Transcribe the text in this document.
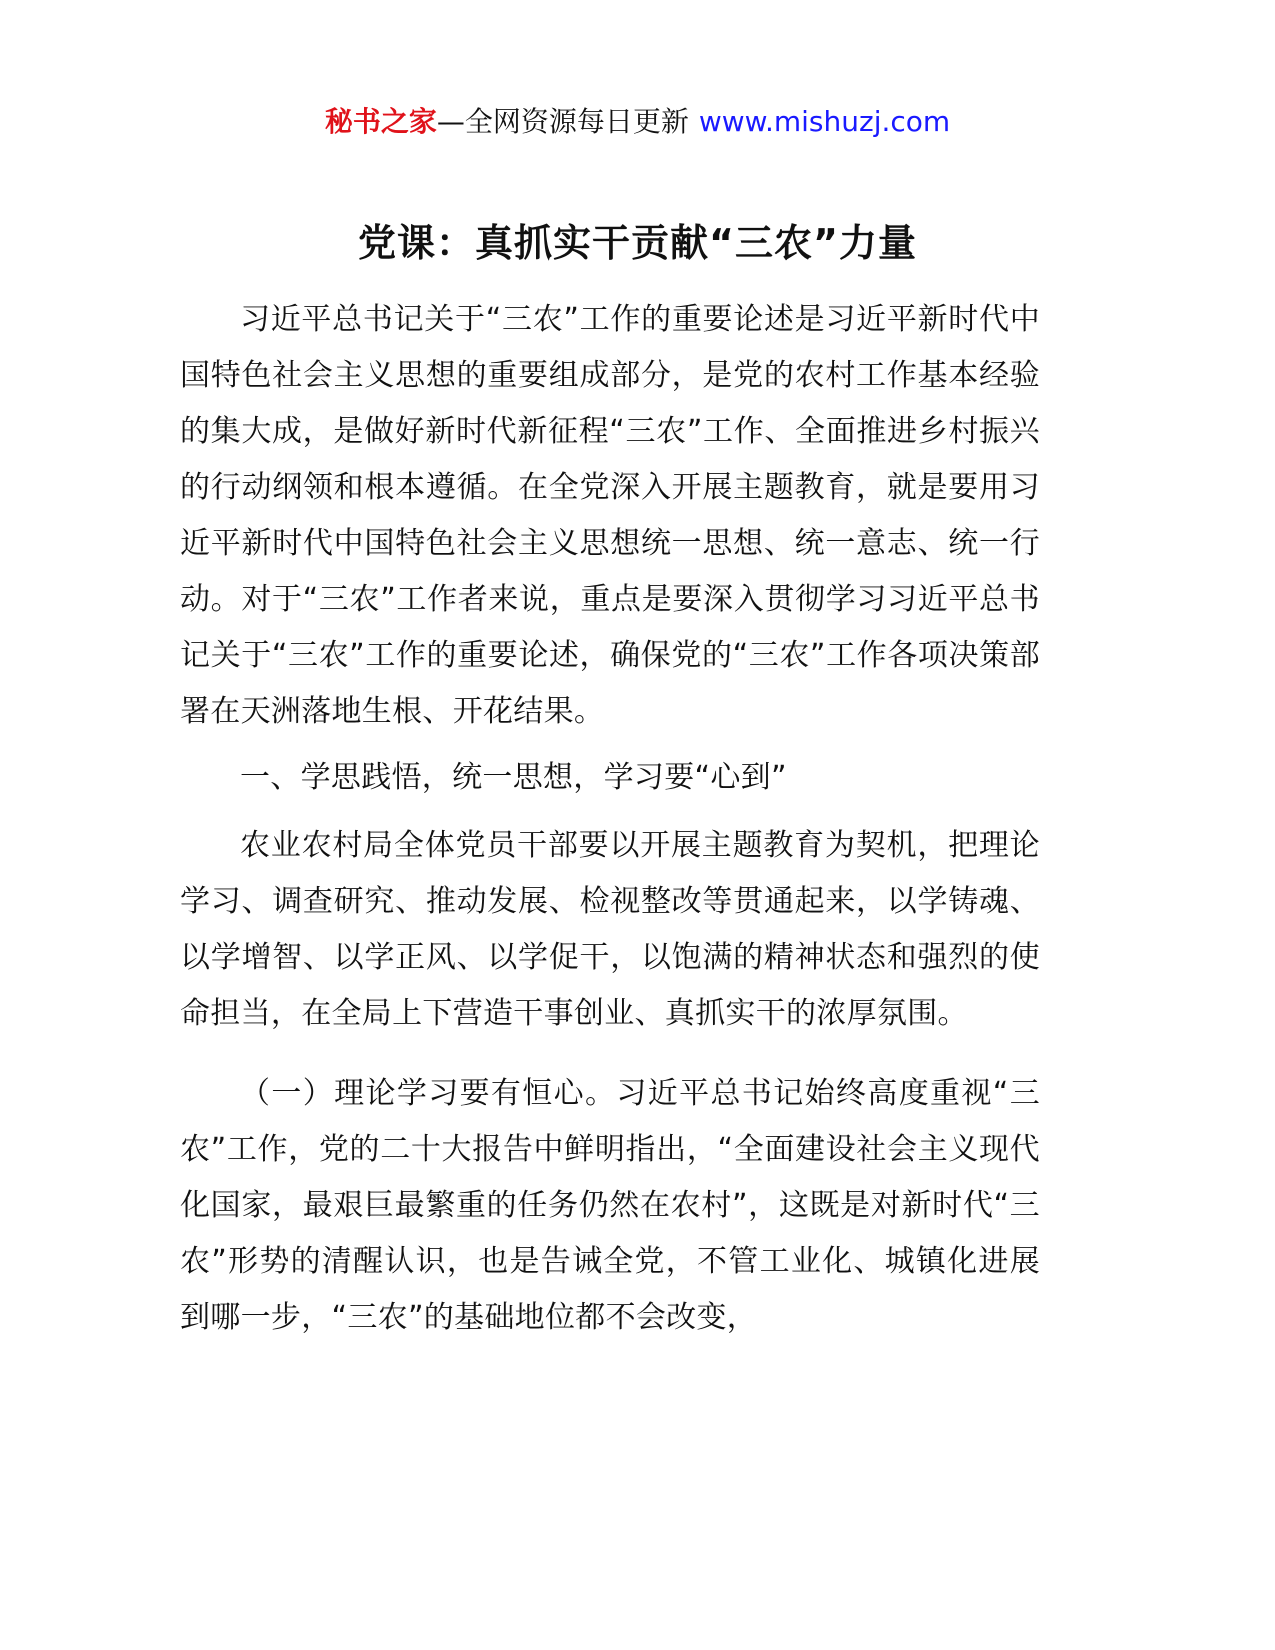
秘书之家—全网资源每日更新 www.mishuzj.com
党课：真抓实干贡献“三农”力量

习近平总书记关于“三农”工作的重要论述是习近平新时代中国特色社会主义思想的重要组成部分，是党的农村工作基本经验的集大成，是做好新时代新征程“三农”工作、全面推进乡村振兴的行动纲领和根本遵循。在全党深入开展主题教育，就是要用习近平新时代中国特色社会主义思想统一思想、统一意志、统一行动。对于“三农”工作者来说，重点是要深入贯彻学习习近平总书记关于“三农”工作的重要论述，确保党的“三农”工作各项决策部署在天洲落地生根、开花结果。

一、学思践悟，统一思想，学习要“心到”

农业农村局全体党员干部要以开展主题教育为契机，把理论学习、调查研究、推动发展、检视整改等贯通起来，以学铸魂、以学增智、以学正风、以学促干，以饱满的精神状态和强烈的使命担当，在全局上下营造干事创业、真抓实干的浓厚氛围。

（一）理论学习要有恒心。习近平总书记始终高度重视“三农”工作，党的二十大报告中鲜明指出，“全面建设社会主义现代化国家，最艰巨最繁重的任务仍然在农村”，这既是对新时代“三农”形势的清醒认识，也是告诫全党，不管工业化、城镇化进展到哪一步，“三农”的基础地位都不会改变，
